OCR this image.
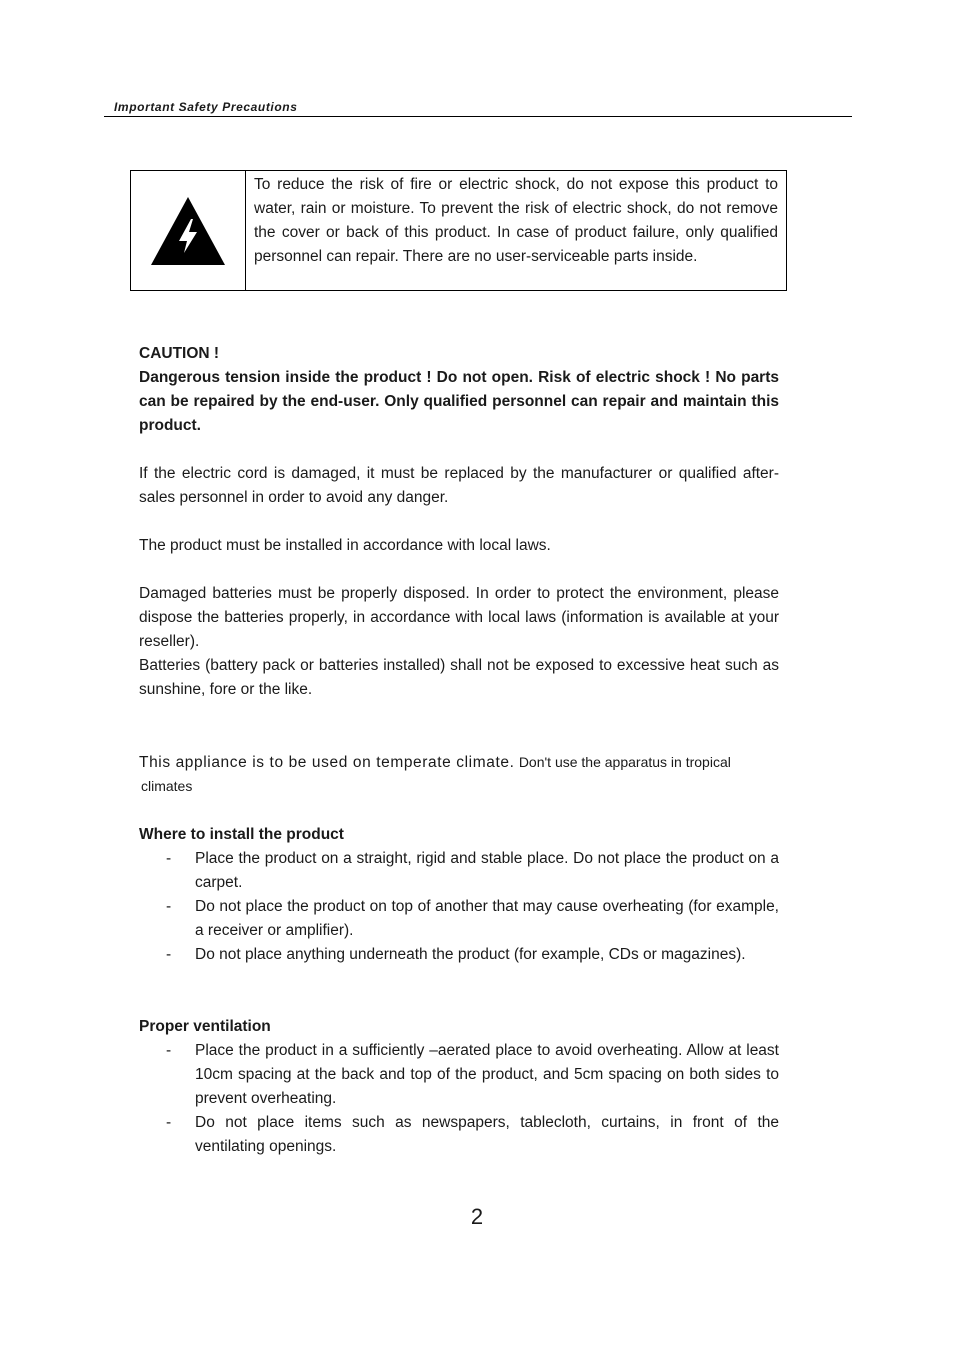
Important Safety Precautions
To reduce the risk of fire or electric shock, do not expose this product to water, rain or moisture. To prevent the risk of electric shock, do not remove the cover or back of this product. In case of product failure, only qualified personnel can repair. There are no user-serviceable parts inside.
CAUTION !
Dangerous tension inside the product ! Do not open. Risk of electric shock ! No parts can be repaired by the end-user. Only qualified personnel can repair and maintain this product.
If the electric cord is damaged, it must be replaced by the manufacturer or qualified after-sales personnel in order to avoid any danger.
The product must be installed in accordance with local laws.
Damaged batteries must be properly disposed. In order to protect the environment, please dispose the batteries properly, in accordance with local laws (information is available at your reseller).
Batteries (battery pack or batteries installed) shall not be exposed to excessive heat such as sunshine, fore or the like.
This appliance is to be used on temperate climate. Don't use the apparatus in tropical
climates
Where to install the product
- Place the product on a straight, rigid and stable place. Do not place the product on a carpet.
- Do not place the product on top of another that may cause overheating (for example, a receiver or amplifier).
- Do not place anything underneath the product (for example, CDs or magazines).
Proper ventilation
- Place the product in a sufficiently –aerated place to avoid overheating. Allow at least 10cm spacing at the back and top of the product, and 5cm spacing on both sides to prevent overheating.
- Do not place items such as newspapers, tablecloth, curtains, in front of the ventilating openings.
2
